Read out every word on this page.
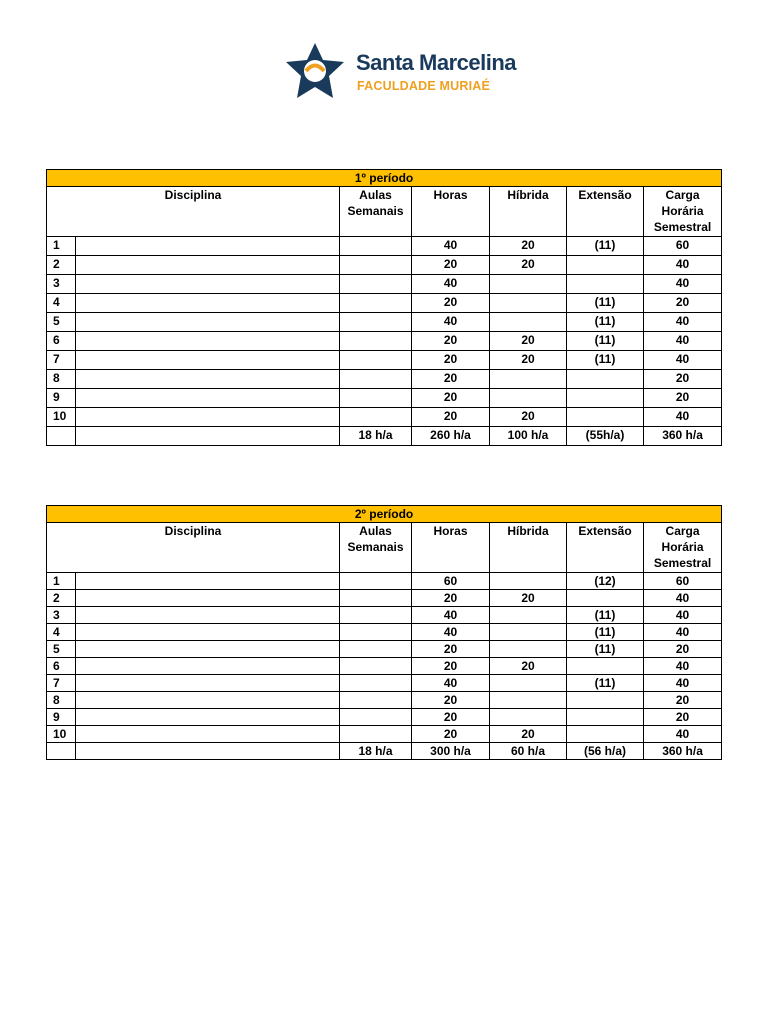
Santa Marcelina
FACULDADE MURIAÉ
1º período						
Disciplina		Aulas Semanais	Horas	Híbrida	Extensão	Carga Horária Semestral
1			40	20	(11)	60
2			20	20		40
3			40			40
4			20		(11)	20
5			40		(11)	40
6			20	20	(11)	40
7			20	20	(11)	40
8			20			20
9			20			20
10			20	20		40
		18 h/a	260 h/a	100 h/a	(55h/a)	360 h/a
2º período						
Disciplina		Aulas Semanais	Horas	Híbrida	Extensão	Carga Horária Semestral
1			60		(12)	60
2			20	20		40
3			40		(11)	40
4			40		(11)	40
5			20		(11)	20
6			20	20		40
7			40		(11)	40
8			20			20
9			20			20
10			20	20		40
		18 h/a	300 h/a	60 h/a	(56 h/a)	360 h/a
